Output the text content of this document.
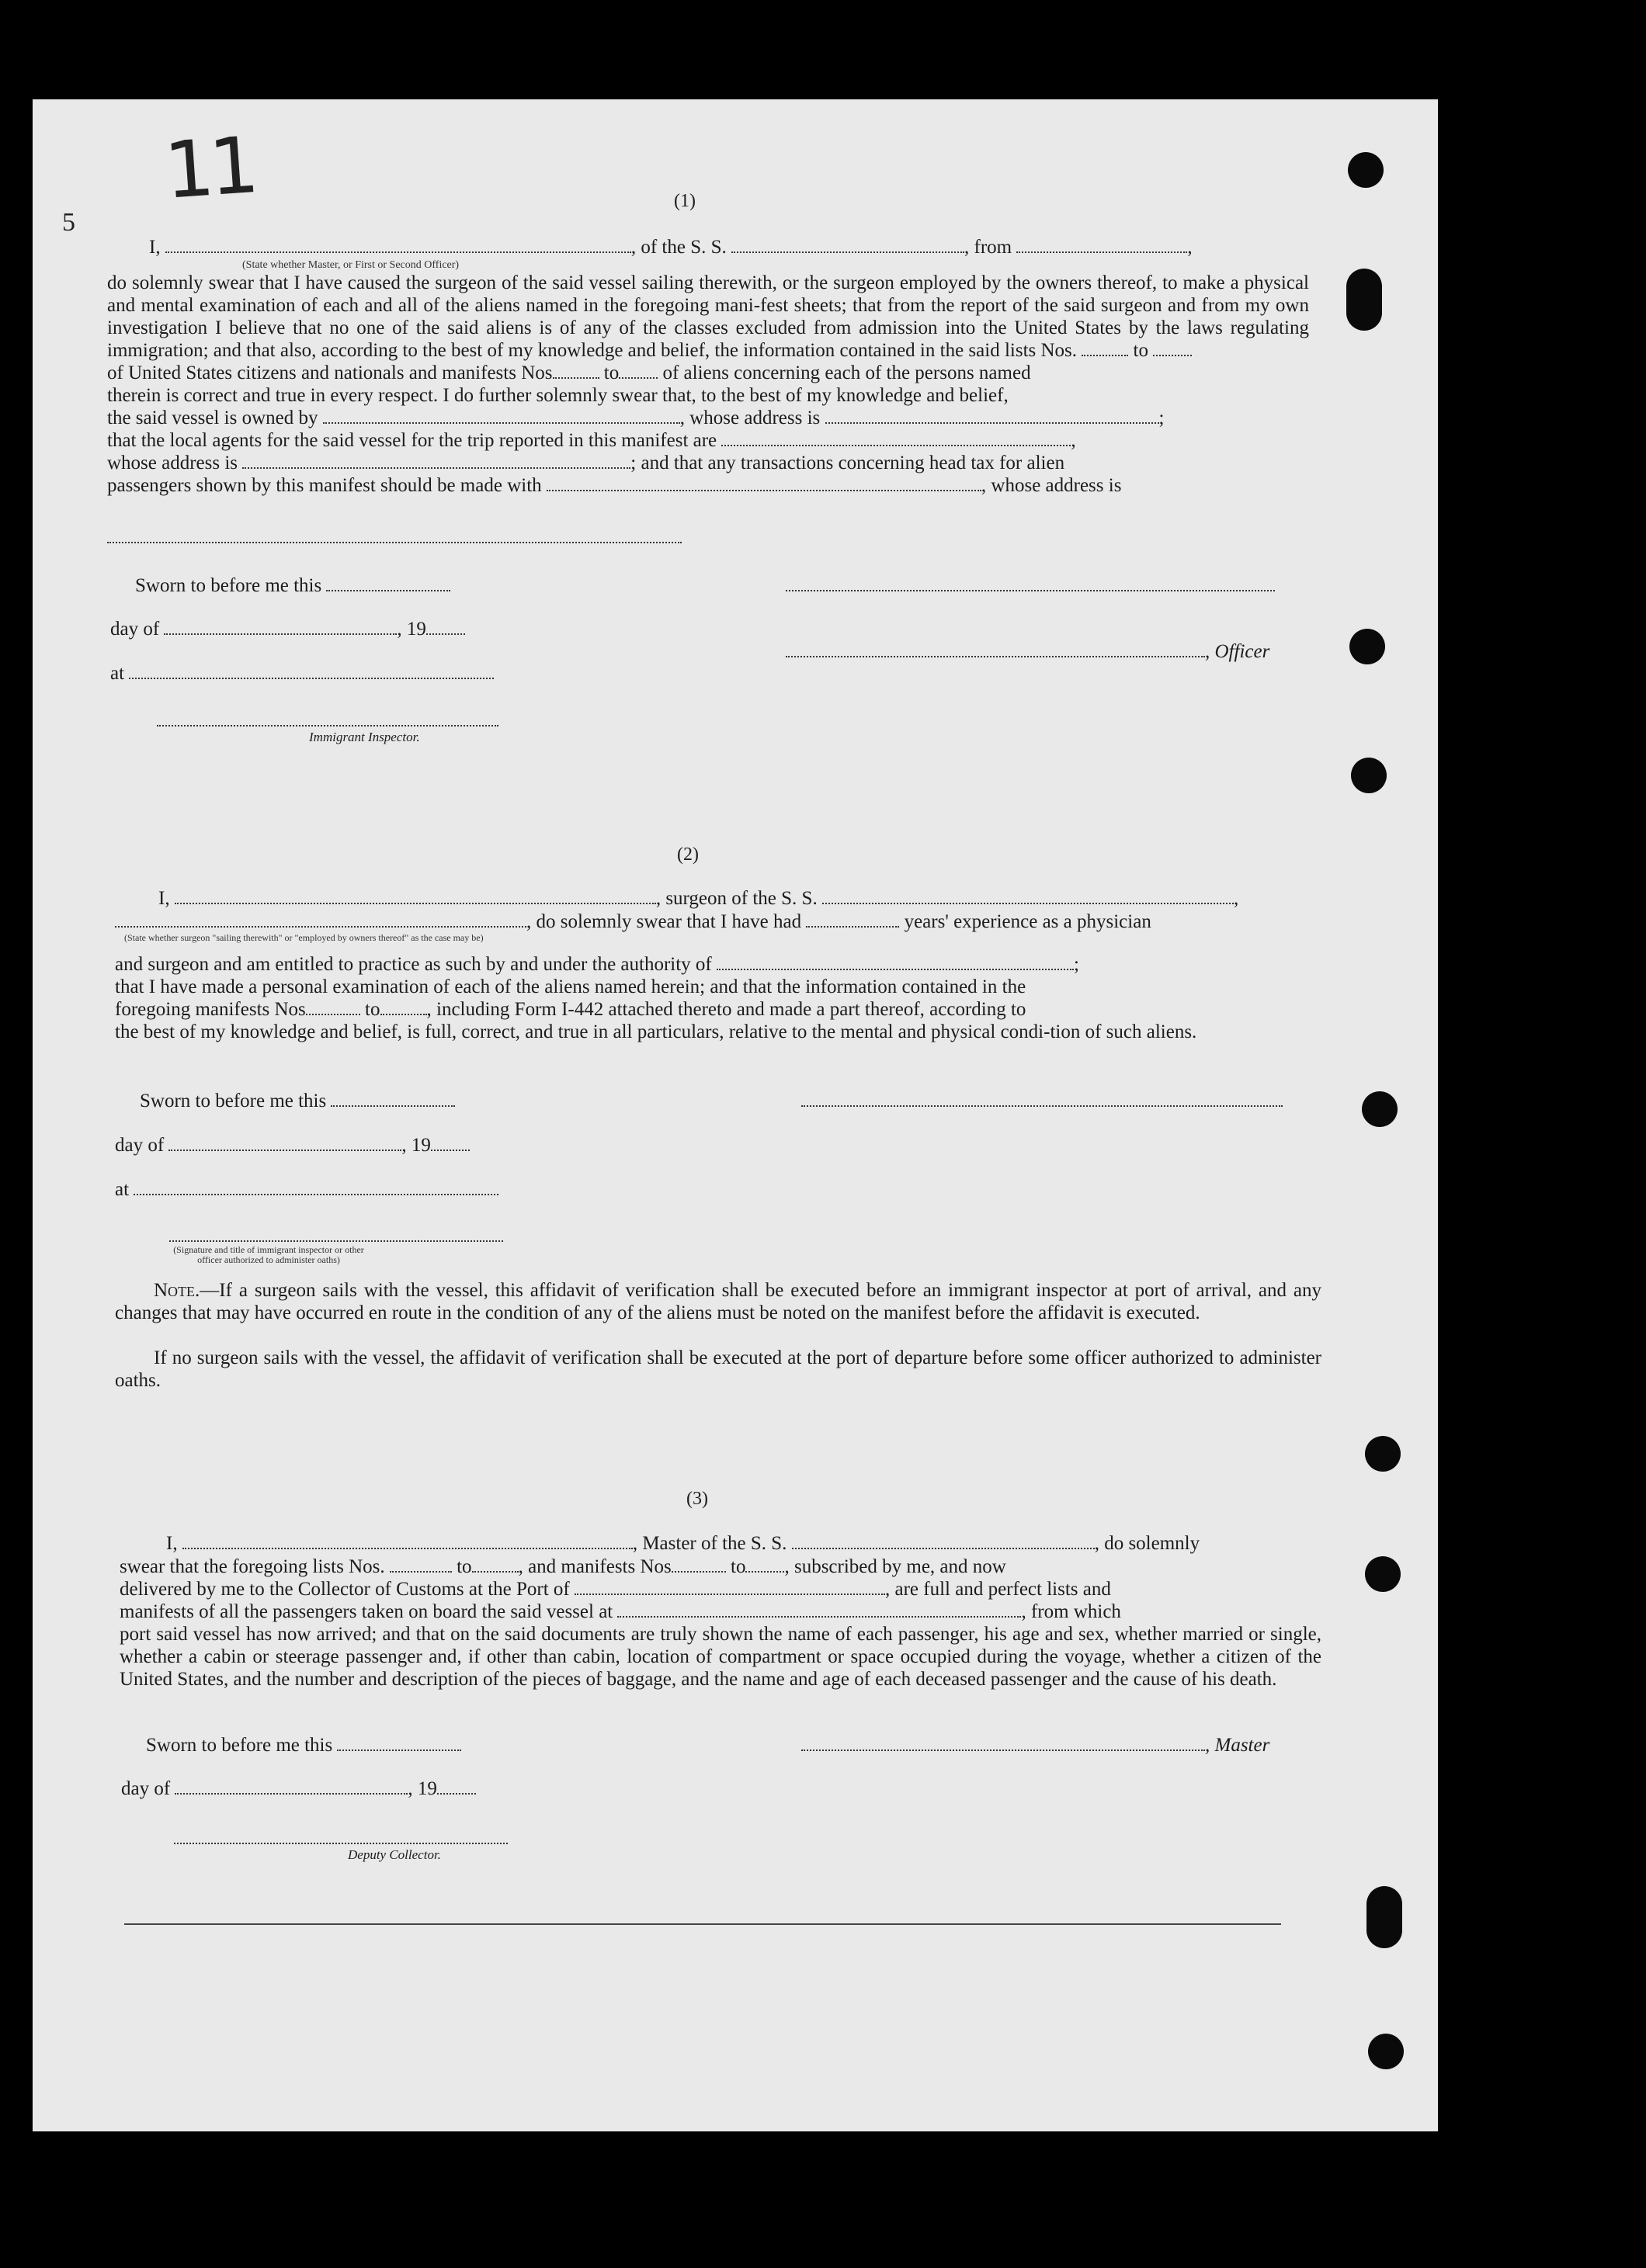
11
5
(1)
I,	, of the S. S.	, from	,
(State whether Master, or First or Second Officer)
do solemnly swear that I have caused the surgeon of the said vessel sailing therewith, or the surgeon employed by the owners thereof, to make a physical and mental examination of each and all of the aliens named in the foregoing mani-fest sheets; that from the report of the said surgeon and from my own investigation I believe that no one of the said aliens is of any of the classes excluded from admission into the United States by the laws regulating immigration; and that also, according to the best of my knowledge and belief, the information contained in the said lists Nos.	to
of United States citizens and nationals and manifests Nos	to of aliens concerning each of the persons named
therein is correct and true in every respect. I do further solemnly swear that, to the best of my knowledge and belief,
the said vessel is owned by	, whose address is	;
that the local agents for the said vessel for the trip reported in this manifest are	,
whose address is	; and that any transactions concerning head tax for alien
passengers shown by this manifest should be made with	, whose address is
Sworn to before me this
day of	, 19
, Officer
at
Immigrant Inspector.
(2)
I,	, surgeon of the S. S.	,
, do solemnly swear that I have had	years' experience as a physician
(State whether surgeon "sailing therewith" or "employed by owners thereof" as the case may be)
and surgeon and am entitled to practice as such by and under the authority of	;
that I have made a personal examination of each of the aliens named herein; and that the information contained in the
foregoing manifests Nos	to , including Form I-442 attached thereto and made a part thereof, according to
the best of my knowledge and belief, is full, correct, and true in all particulars, relative to the mental and physical condi-tion of such aliens.
Sworn to before me this
day of	, 19
at
(Signature and title of immigrant inspector or other officer authorized to administer oaths)
Note.—If a surgeon sails with the vessel, this affidavit of verification shall be executed before an immigrant inspector at port of arrival, and any changes that may have occurred en route in the condition of any of the aliens must be noted on the manifest before the affidavit is executed.
If no surgeon sails with the vessel, the affidavit of verification shall be executed at the port of departure before some officer authorized to administer oaths.
(3)
I,	, Master of the S. S.	, do solemnly
swear that the foregoing lists Nos.	to , and manifests Nos	to , subscribed by me, and now
delivered by me to the Collector of Customs at the Port of	, are full and perfect lists and
manifests of all the passengers taken on board the said vessel at	, from which
port said vessel has now arrived; and that on the said documents are truly shown the name of each passenger, his age and sex, whether married or single, whether a cabin or steerage passenger and, if other than cabin, location of compartment or space occupied during the voyage, whether a citizen of the United States, and the number and description of the pieces of baggage, and the name and age of each deceased passenger and the cause of his death.
Sworn to before me this	, Master
day of	, 19
Deputy Collector.
